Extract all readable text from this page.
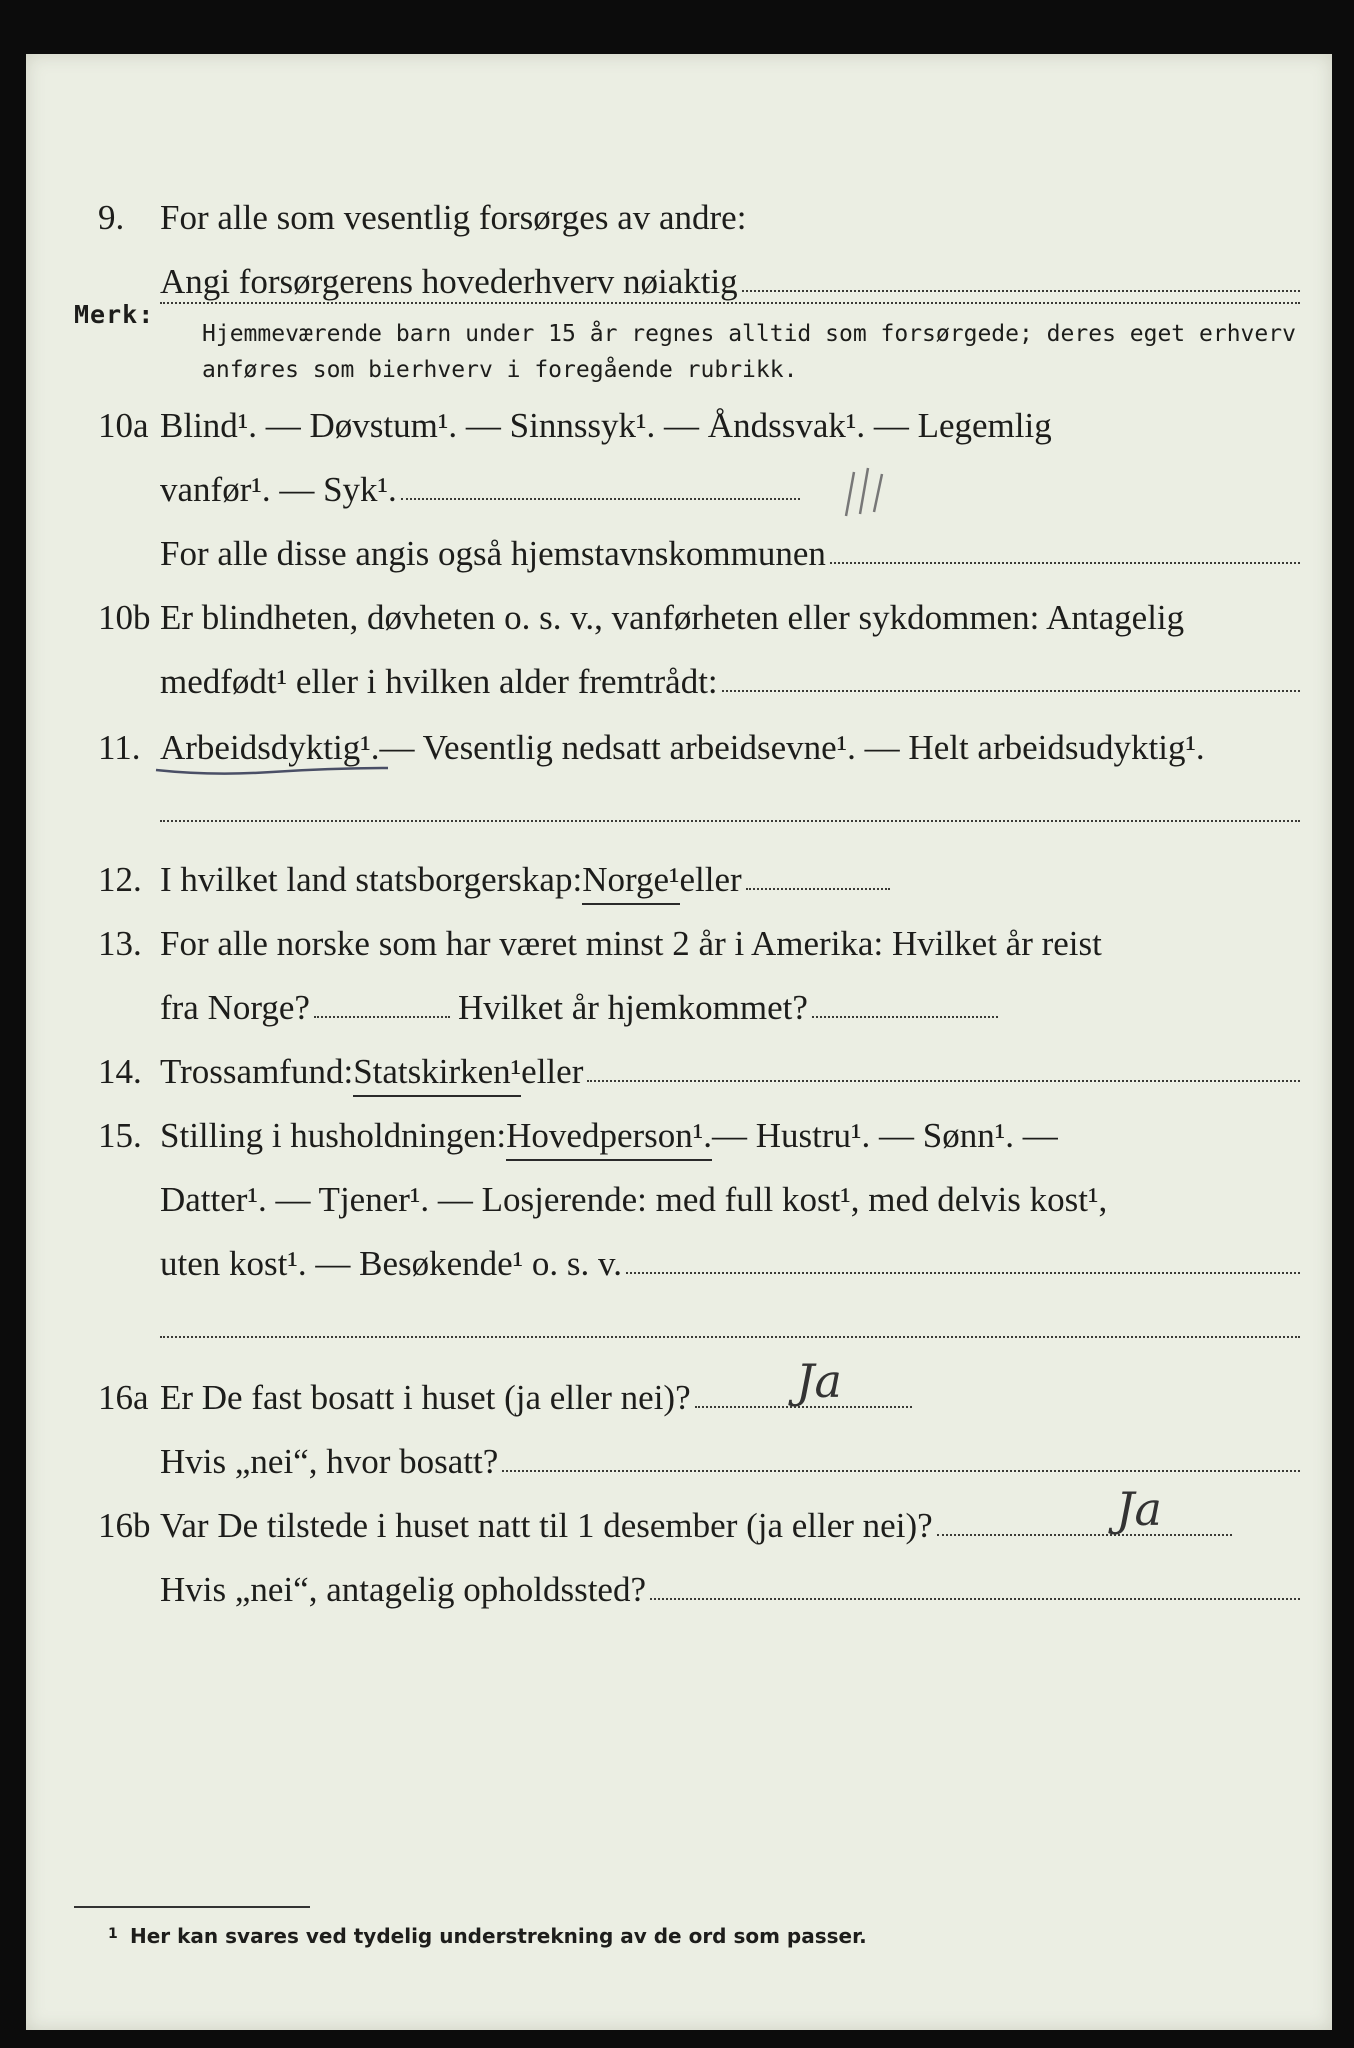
9. For alle som vesentlig forsørges av andre:
Angi forsørgerens hovederhverv nøiaktig
Merk:
Hjemmeværende barn under 15 år regnes alltid som forsørgede; deres eget erhverv
anføres som bierhverv i foregående rubrikk.
10a Blind¹. — Døvstum¹. — Sinnssyk¹. — Åndssvak¹. — Legemlig
vanfør¹. — Syk¹.
For alle disse angis også hjemstavnskommunen
10b Er blindheten, døvheten o. s. v., vanførheten eller sykdommen: Antagelig
medfødt¹ eller i hvilken alder fremtrådt:
11. Arbeidsdyktig¹. — Vesentlig nedsatt arbeidsevne¹. — Helt arbeidsudyktig¹.
12. I hvilket land statsborgerskap: Norge¹ eller
13. For alle norske som har været minst 2 år i Amerika: Hvilket år reist
fra Norge?	Hvilket år hjemkommet?
14. Trossamfund: Statskirken¹ eller
15. Stilling i husholdningen: Hovedperson¹. — Hustru¹. — Sønn¹. —
Datter¹. — Tjener¹. — Losjerende: med full kost¹, med delvis kost¹,
uten kost¹. — Besøkende¹ o. s. v.
16a Er De fast bosatt i huset (ja eller nei)? Ja
Hvis „nei“, hvor bosatt?
16b Var De tilstede i huset natt til 1 desember (ja eller nei)?	Ja
Hvis „nei“, antagelig opholdssted?
1 Her kan svares ved tydelig understrekning av de ord som passer.
